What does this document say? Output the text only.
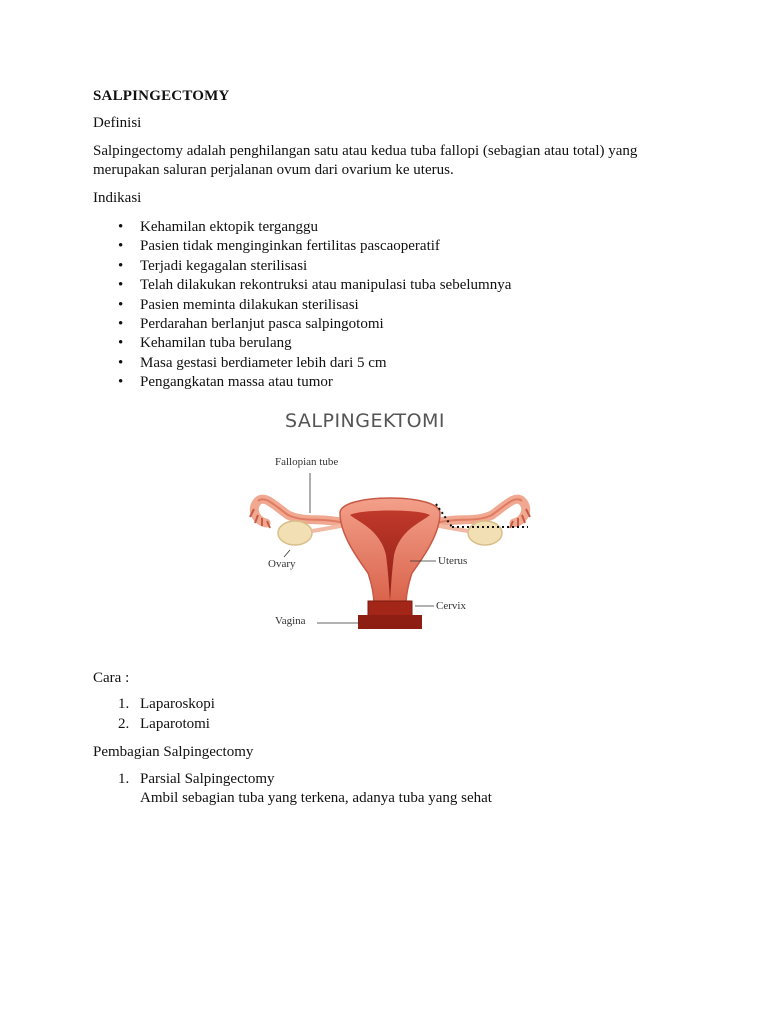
SALPINGECTOMY

Definisi

Salpingectomy adalah penghilangan satu atau kedua tuba fallopi (sebagian atau total) yang

merupakan saluran perjalanan ovum dari ovarium ke uterus.

Indikasi

• Kehamilan ektopik terganggu
• Pasien tidak menginginkan fertilitas pascaoperatif
• Terjadi kegagalan sterilisasi
• Telah dilakukan rekontruksi atau manipulasi tuba sebelumnya
• Pasien meminta dilakukan sterilisasi
• Perdarahan berlanjut pasca salpingotomi
• Kehamilan tuba berulang
• Masa gestasi berdiameter lebih dari 5 cm
• Pengangkatan massa atau tumor
SALPINGEKTOMI
Fallopian tube
Ovary	Uterus
Cervix
Vagina

Cara :

1. Laparoskopi
2. Laparotomi

Pembagian Salpingectomy

1. Parsial Salpingectomy
Ambil sebagian tuba yang terkena, adanya tuba yang sehat
